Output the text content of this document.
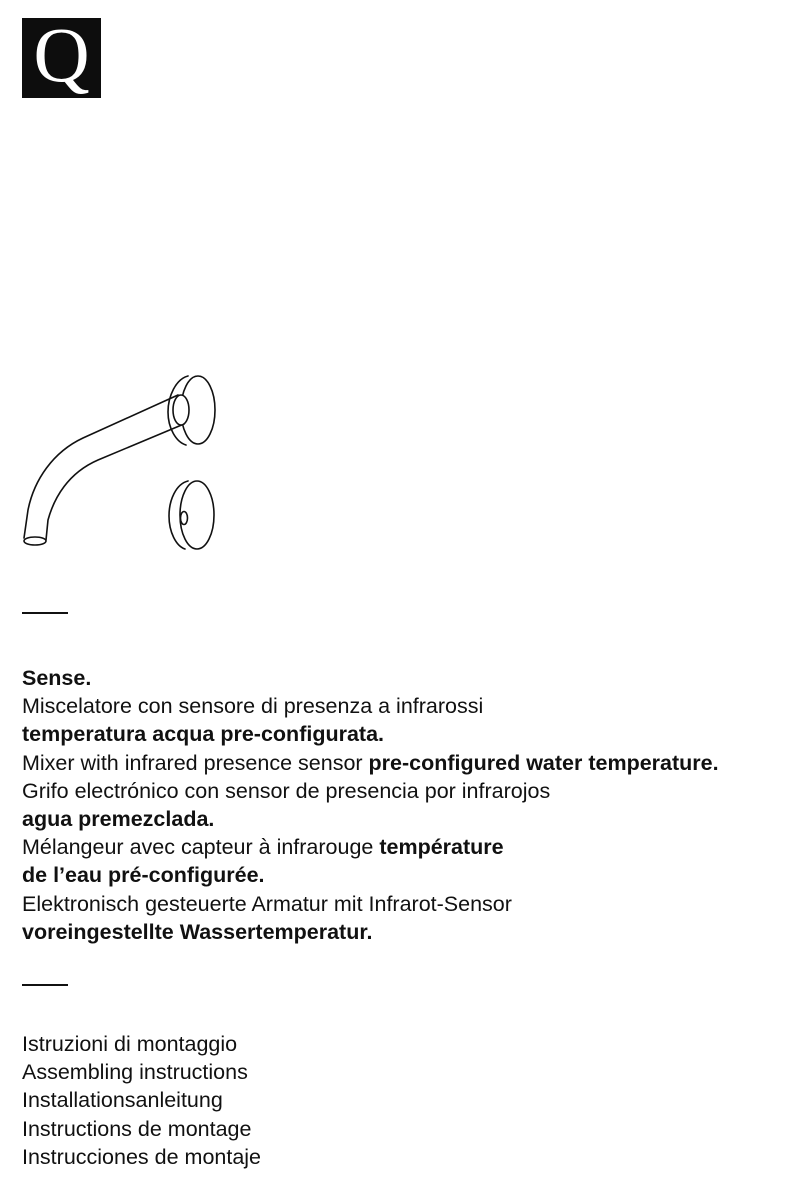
Q

Sense.

Miscelatore con sensore di presenza a infrarossi

temperatura acqua pre-configurata.

Mixer with infrared presence sensor pre-configured water temperature.

Grifo electrónico con sensor de presencia por infrarojos

agua premezclada.

Mélangeur avec capteur à infrarouge température

de l’eau pré-configurée.

Elektronisch gesteuerte Armatur mit Infrarot-Sensor

voreingestellte Wassertemperatur.

Istruzioni di montaggio

Assembling instructions

Installationsanleitung

Instructions de montage

Instrucciones de montaje
